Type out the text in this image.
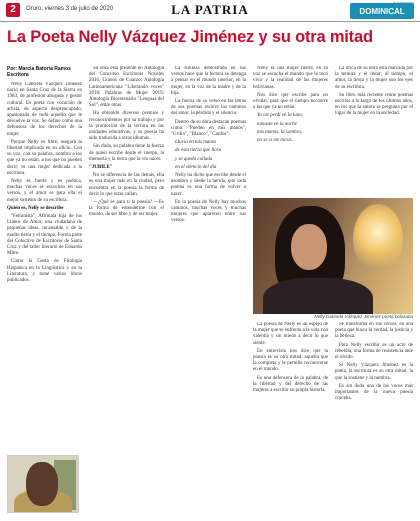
2	Oruro, viernes 3 de julio de 2020	LA PATRIA	DOMINICAL
La Poeta Nelly Vázquez Jiménez y su otra mitad
Por: Marcia Batoria Ramos
Escritora

Nelly Gabriela Vázquez Jiménez nació en Santa Cruz de la Sierra en 1983, de profesión abogada y gestor cultural. Es poeta con vocación de artista, de aspecto despreocupado, apasionada de todo aquello que le devuelve la voz. Se define como una defensora de los derechos de la mujer.

Porque Nelly es libre, asegura la libertad implicada en su oficio. Con su voz, con su palabra, nombra a los que ya no están, a los que no pueden decir; es una mujer dedicada a la escritura.

Nelly es fuerte y es poética, muchas voces se escuchan en sus versos, y el amor es para ella el mejor sustento de su escritura.

Quién es, Nelly se describe

"Feminista", Afirmala hija de los Llanos de Amor, una ciudadana de pequeñas ideas, incansable y de la madre tierra y el tiempo. Forma parte del Colectivo de Escritores de Santa Cruz y del taller literario de Eduardo Mitre.

Como la Gesta de Filología Hispánica en la Lingüística y en la Literatura, y tiene varios libros publicados.

Su obra está presente en Antología del Concurso Escritoras Noveles 2016, Granos de Cuarzo; Antología Latinoamericana "Liberando voces" 2018; Palabras de Mujer 2019; Antología Bicentenario "Lenguas del Sol", entre otras.

Ha obtenido diversos premios y reconocimientos por su trabajo y por la promoción de la lectura en las unidades educativas, y su poesía ha sido traducida a otros idiomas.

Sin duda, su palabra tiene la fuerza de quien escribe desde el cuerpo, la memoria y la tierra que la vio nacer.

"JUBILE"

No se diferencia de las demás, ella es una mujer más en la ciudad, pero encuentra en la poesía la forma de decir lo que otras callan.

—¿Qué es para ti la poesía? —Es la forma de entenderme con el mundo, de ser libre y de ser mujer.

La sutileza demostrada en sus versos hace que la lectora se detenga a pensar en el mundo interior, en la mujer, en la voz de la madre y de la hija.

La fuerza de su verso en las letras de sus poemas recorre los caminos del amor, la pérdida y el silencio.

Dentro de su obra destacan poemas como: "Pueden en mis manos", "Grillo", "Blanco", "Cardos".

Lluvia en mis manos

de esta tierra que llora

y se queda callada

en el silencio del día

Nelly ha dicho que escribe desde el asombro y desde la herida, que cada poema es una forma de volver a nacer.

En la poesía de Nelly hay muchos caminos, muchas voces y muchas mujeres que aparecen entre sus versos.

Nelly es una mujer fuerte, en su voz se escucha el mundo que le tocó vivir y la realidad de las mujeres bolivianas.

Nos dice que escribe para no olvidar, para que el tiempo no borre a las que ya no están.

Ya me perdí en la luna,

tomaste en la noche

mis manos, la sombra,

no se si me miras.

La lírica de su obra está marcada por la ternura y el dolor; el tiempo, el amor, la tierra y la mujer son los ejes de su escritura.

Su libro más reciente reúne poemas escritos a lo largo de los últimos años, en los que la autora se pregunta por el lugar de la mujer en la sociedad.

Nelly Gabriela Vázquez Jiménez poeta boliviana

La poesía de Nelly es un espejo de la mujer que se enfrenta a la vida con valentía y sin miedo a decir lo que siente.

En entrevista nos dice que la poesía es su otra mitad, aquella que la completa y le permite reconocerse en el mundo.

Es una defensora de la palabra, de la libertad y del derecho de las mujeres a escribir su propia historia.

Se transforma en sus versos, en una poeta que busca la verdad, la justicia y la belleza.

Para Nelly escribir es un acto de rebeldía, una forma de resistencia ante el olvido.

Si Nelly Vázquez Jiménez es la poeta, la escritura es su otra mitad, la que la sostiene y la nombra.

Es sin duda una de las voces más importantes de la nueva poesía cruceña.
